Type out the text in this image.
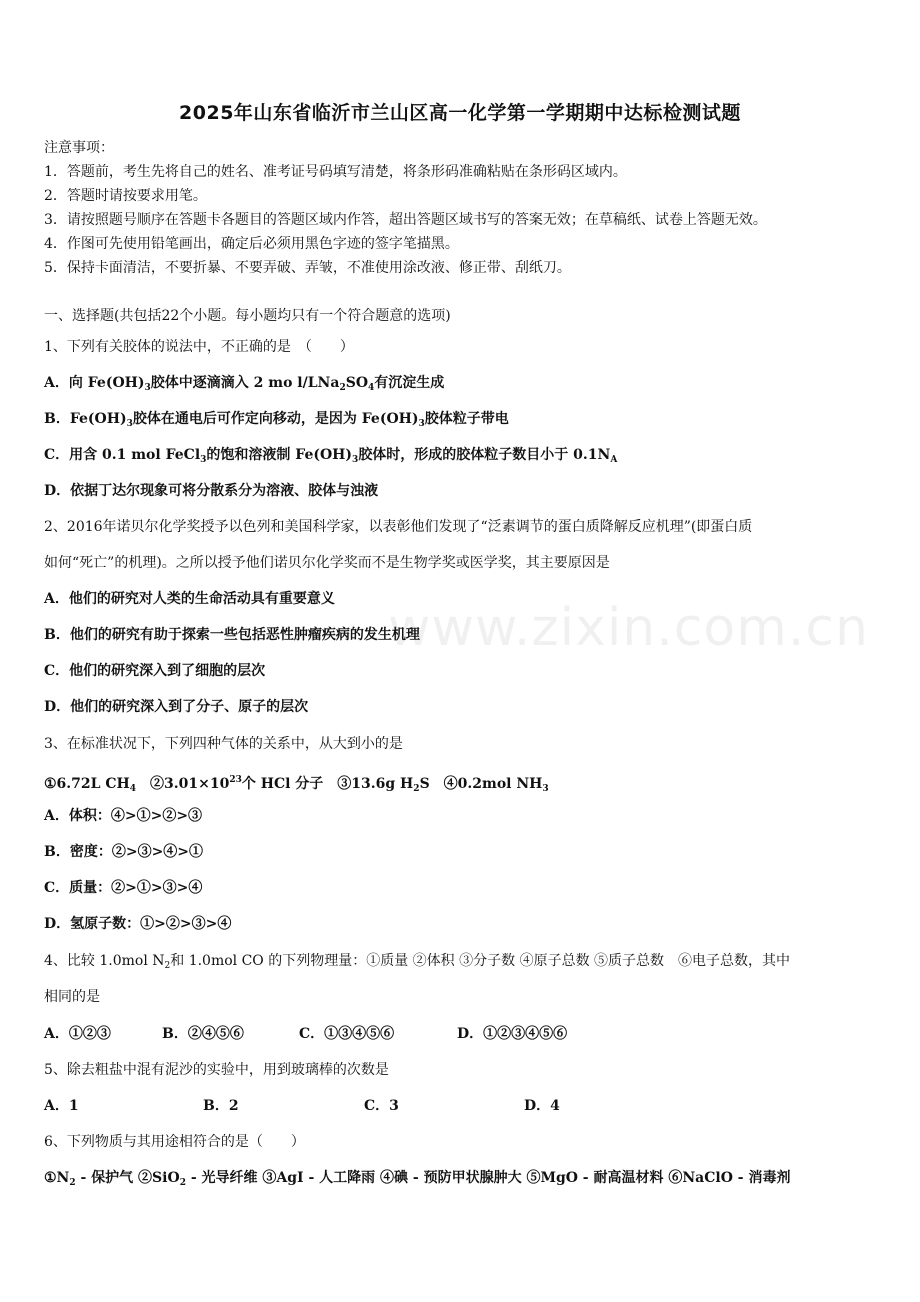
2025年山东省临沂市兰山区高一化学第一学期期中达标检测试题
注意事项：
1．答题前，考生先将自己的姓名、准考证号码填写清楚，将条形码准确粘贴在条形码区域内。
2．答题时请按要求用笔。
3．请按照题号顺序在答题卡各题目的答题区域内作答，超出答题区域书写的答案无效；在草稿纸、试卷上答题无效。
4．作图可先使用铅笔画出，确定后必须用黑色字迹的签字笔描黑。
5．保持卡面清洁，不要折暴、不要弄破、弄皱，不准使用涂改液、修正带、刮纸刀。
一、选择题(共包括22个小题。每小题均只有一个符合题意的选项)
www.zixin.com.cn
1、下列有关胶体的说法中，不正确的是　（　　）
A．向 $Fe(OH)_3$胶体中逐滴滴入 2 mo $l/LNa_2SO_4$有沉淀生成
B．$Fe(OH)_3$胶体在通电后可作定向移动，是因为 $Fe(OH)_3$胶体粒子带电
C．用含 0.1 mol FeCl$_3$的饱和溶液制 $Fe(OH)_3$胶体时，形成的胶体粒子数目小于 $0.1N_A$
D．依据丁达尔现象可将分散系分为溶液、胶体与浊液
2、2016年诺贝尔化学奖授予以色列和美国科学家，以表彰他们发现了“泛素调节的蛋白质降解反应机理”(即蛋白质
如何“死亡”的机理)。之所以授予他们诺贝尔化学奖而不是生物学奖或医学奖，其主要原因是
A．他们的研究对人类的生命活动具有重要意义
B．他们的研究有助于探索一些包括恶性肿瘤疾病的发生机理
C．他们的研究深入到了细胞的层次
D．他们的研究深入到了分子、原子的层次
3、在标准状况下，下列四种气体的关系中，从大到小的是
①6.72L $CH_4$　$②3.01\times 10^{23}$个 HCl 分子　③13.6g $H_2S$　④0.2mol $NH_3$
A．体积：④>①>②>③
B．密度：②>③>④>①
C．质量：②>①>③>④
D．氢原子数：①>②>③>④
4、比较 1.0mol $N_2$和 1.0mol CO 的下列物理量：①质量 ②体积 ③分子数 ④原子总数 ⑤质子总数　⑥电子总数，其中
相同的是
A．①②③	B．②④⑤⑥	C．①③④⑤⑥	D．①②③④⑤⑥
5、除去粗盐中混有泥沙的实验中，用到玻璃棒的次数是
A．1	B．2	C．3	D．4
6、下列物质与其用途相符合的是（　　）
$①N_2$ - 保护气 ②SiO$_2$ - 光导纤维 ③AgI - 人工降雨 ④碘 - 预防甲状腺肿大 ⑤MgO - 耐高温材料 ⑥NaClO - 消毒剂
